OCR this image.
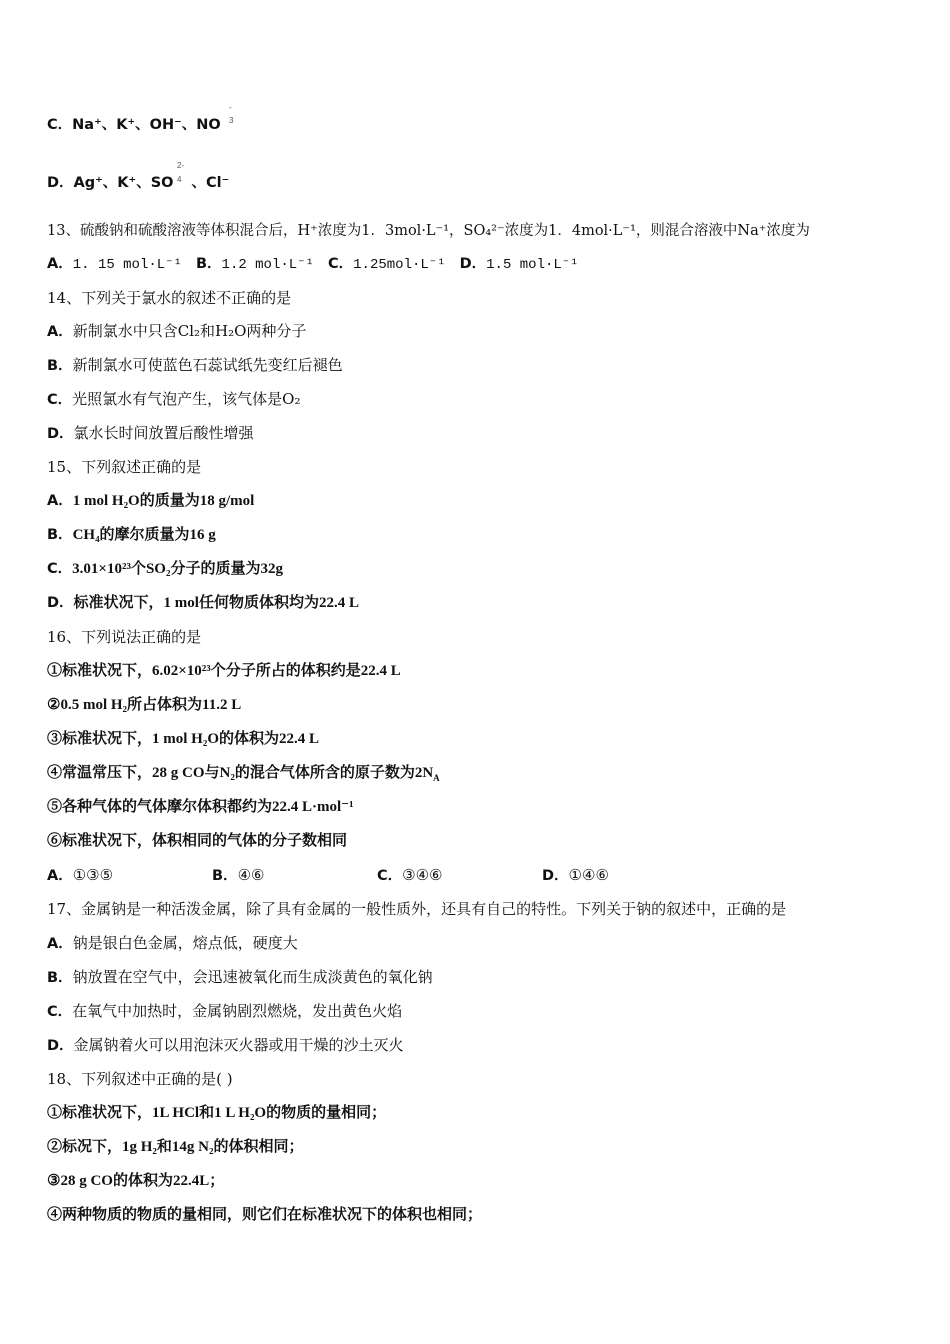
C．Na⁺、K⁺、OH⁻、NO
-
3
D．Ag⁺、K⁺、SO 、Cl⁻
2-
4
13、硫酸钠和硫酸溶液等体积混合后，H⁺浓度为1．3mol·L⁻¹，SO₄²⁻浓度为1．4mol·L⁻¹，则混合溶液中Na⁺浓度为
A．1. 15 mol·L⁻¹ B．1.2 mol·L⁻¹ C．1.25mol·L⁻¹ D．1.5 mol·L⁻¹
14、下列关于氯水的叙述不正确的是
A．新制氯水中只含Cl₂和H₂O两种分子
B．新制氯水可使蓝色石蕊试纸先变红后褪色
C．光照氯水有气泡产生，该气体是O₂
D．氯水长时间放置后酸性增强
15、下列叙述正确的是
A．1 mol H₂O的质量为18 g/mol
B．CH₄的摩尔质量为16 g
C．3.01×10²³个SO₂分子的质量为32g
D．标准状况下，1 mol任何物质体积均为22.4 L
16、下列说法正确的是
①标准状况下，6.02×10²³个分子所占的体积约是22.4 L
②0.5 mol H₂所占体积为11.2 L
③标准状况下，1 mol H₂O的体积为22.4 L
④常温常压下，28 g CO与N₂的混合气体所含的原子数为$2N_A$
⑤各种气体的气体摩尔体积都约为22.4 L·mol⁻¹
⑥标准状况下，体积相同的气体的分子数相同
A．①③⑤	B．④⑥	C．③④⑥	D．①④⑥
17、金属钠是一种活泼金属，除了具有金属的一般性质外，还具有自己的特性。下列关于钠的叙述中，正确的是
A．钠是银白色金属，熔点低，硬度大
B．钠放置在空气中，会迅速被氧化而生成淡黄色的氧化钠
C．在氧气中加热时，金属钠剧烈燃烧，发出黄色火焰
D．金属钠着火可以用泡沫灭火器或用干燥的沙土灭火
18、下列叙述中正确的是( )
①标准状况下，1L HCl和1 L H₂O的物质的量相同；
②标况下，1g H₂和14g N₂的体积相同；
③28 g CO的体积为22.4L；
④两种物质的物质的量相同，则它们在标准状况下的体积也相同；
